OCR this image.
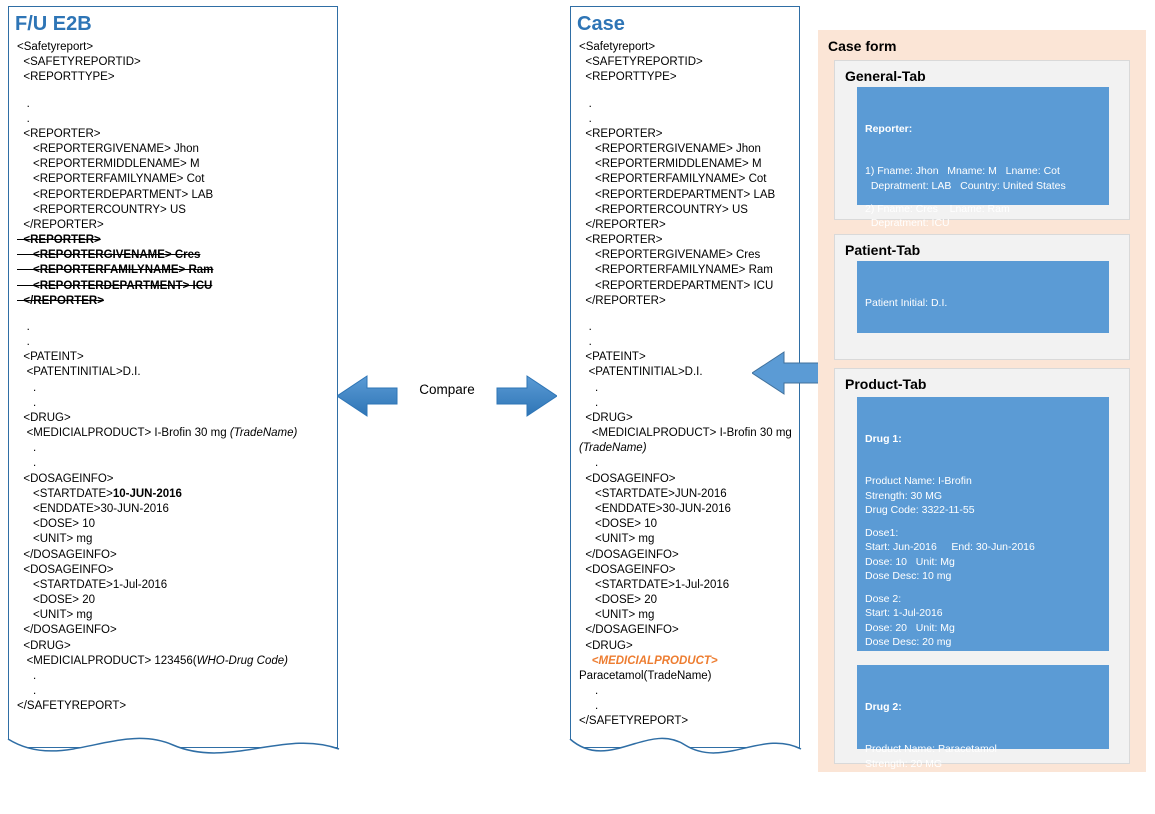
F/U E2B
<Safetyreport>
<SAFETYREPORTID>
<REPORTTYPE>
.
.
<REPORTER>
<REPORTERGIVENAME> Jhon
<REPORTERMIDDLENAME> M
<REPORTERFAMILYNAME> Cot
<REPORTERDEPARTMENT> LAB
<REPORTERCOUNTRY> US
</REPORTER>
<REPORTER>
<REPORTERGIVENAME> Cres
<REPORTERFAMILYNAME> Ram
<REPORTERDEPARTMENT> ICU
</REPORTER>
.
.
<PATEINT>
<PATENTINITIAL>D.I.
.
.
<DRUG>
<MEDICIALPRODUCT> I-Brofin 30 mg (TradeName)
.
.
<DOSAGEINFO>
<STARTDATE>10-JUN-2016
<ENDDATE>30-JUN-2016
<DOSE> 10
<UNIT> mg
</DOSAGEINFO>
<DOSAGEINFO>
<STARTDATE>1-Jul-2016
<DOSE> 20
<UNIT> mg
</DOSAGEINFO>
<DRUG>
<MEDICIALPRODUCT> 123456(WHO-Drug Code)
.
.
</SAFETYREPORT>
Case
<Safetyreport>
<SAFETYREPORTID>
<REPORTTYPE>
.
.
<REPORTER>
<REPORTERGIVENAME> Jhon
<REPORTERMIDDLENAME> M
<REPORTERFAMILYNAME> Cot
<REPORTERDEPARTMENT> LAB
<REPORTERCOUNTRY> US
</REPORTER>
<REPORTER>
<REPORTERGIVENAME> Cres
<REPORTERFAMILYNAME> Ram
<REPORTERDEPARTMENT> ICU
</REPORTER>
.
.
<PATEINT>
<PATENTINITIAL>D.I.
.
.
<DRUG>
<MEDICIALPRODUCT> I-Brofin 30 mg
(TradeName)
.
<DOSAGEINFO>
<STARTDATE>JUN-2016
<ENDDATE>30-JUN-2016
<DOSE> 10
<UNIT> mg
</DOSAGEINFO>
<DOSAGEINFO>
<STARTDATE>1-Jul-2016
<DOSE> 20
<UNIT> mg
</DOSAGEINFO>
<DRUG>
<MEDICIALPRODUCT>
Paracetamol(TradeName)
.
.
</SAFETYREPORT>
Compare
Case form
General-Tab

Reporter:

1) Fname: Jhon   Mname: M   Lname: Cot
Depratment: LAB   Country: United States
2) Fname: Cres    Lname: Ram
Depratment: ICU

Patient-Tab

Patient Initial: D.I.

Product-Tab

Drug 1:

Product Name: I-Brofin
Strength: 30 MG
Drug Code: 3322-11-55
Dose1:
Start: Jun-2016     End: 30-Jun-2016
Dose: 10   Unit: Mg
Dose Desc: 10 mg
Dose 2:
Start: 1-Jul-2016
Dose: 20   Unit: Mg
Dose Desc: 20 mg

Drug 2:

Product Name: Paracetamol
Strength: 20 MG
WHO Code: 123456
